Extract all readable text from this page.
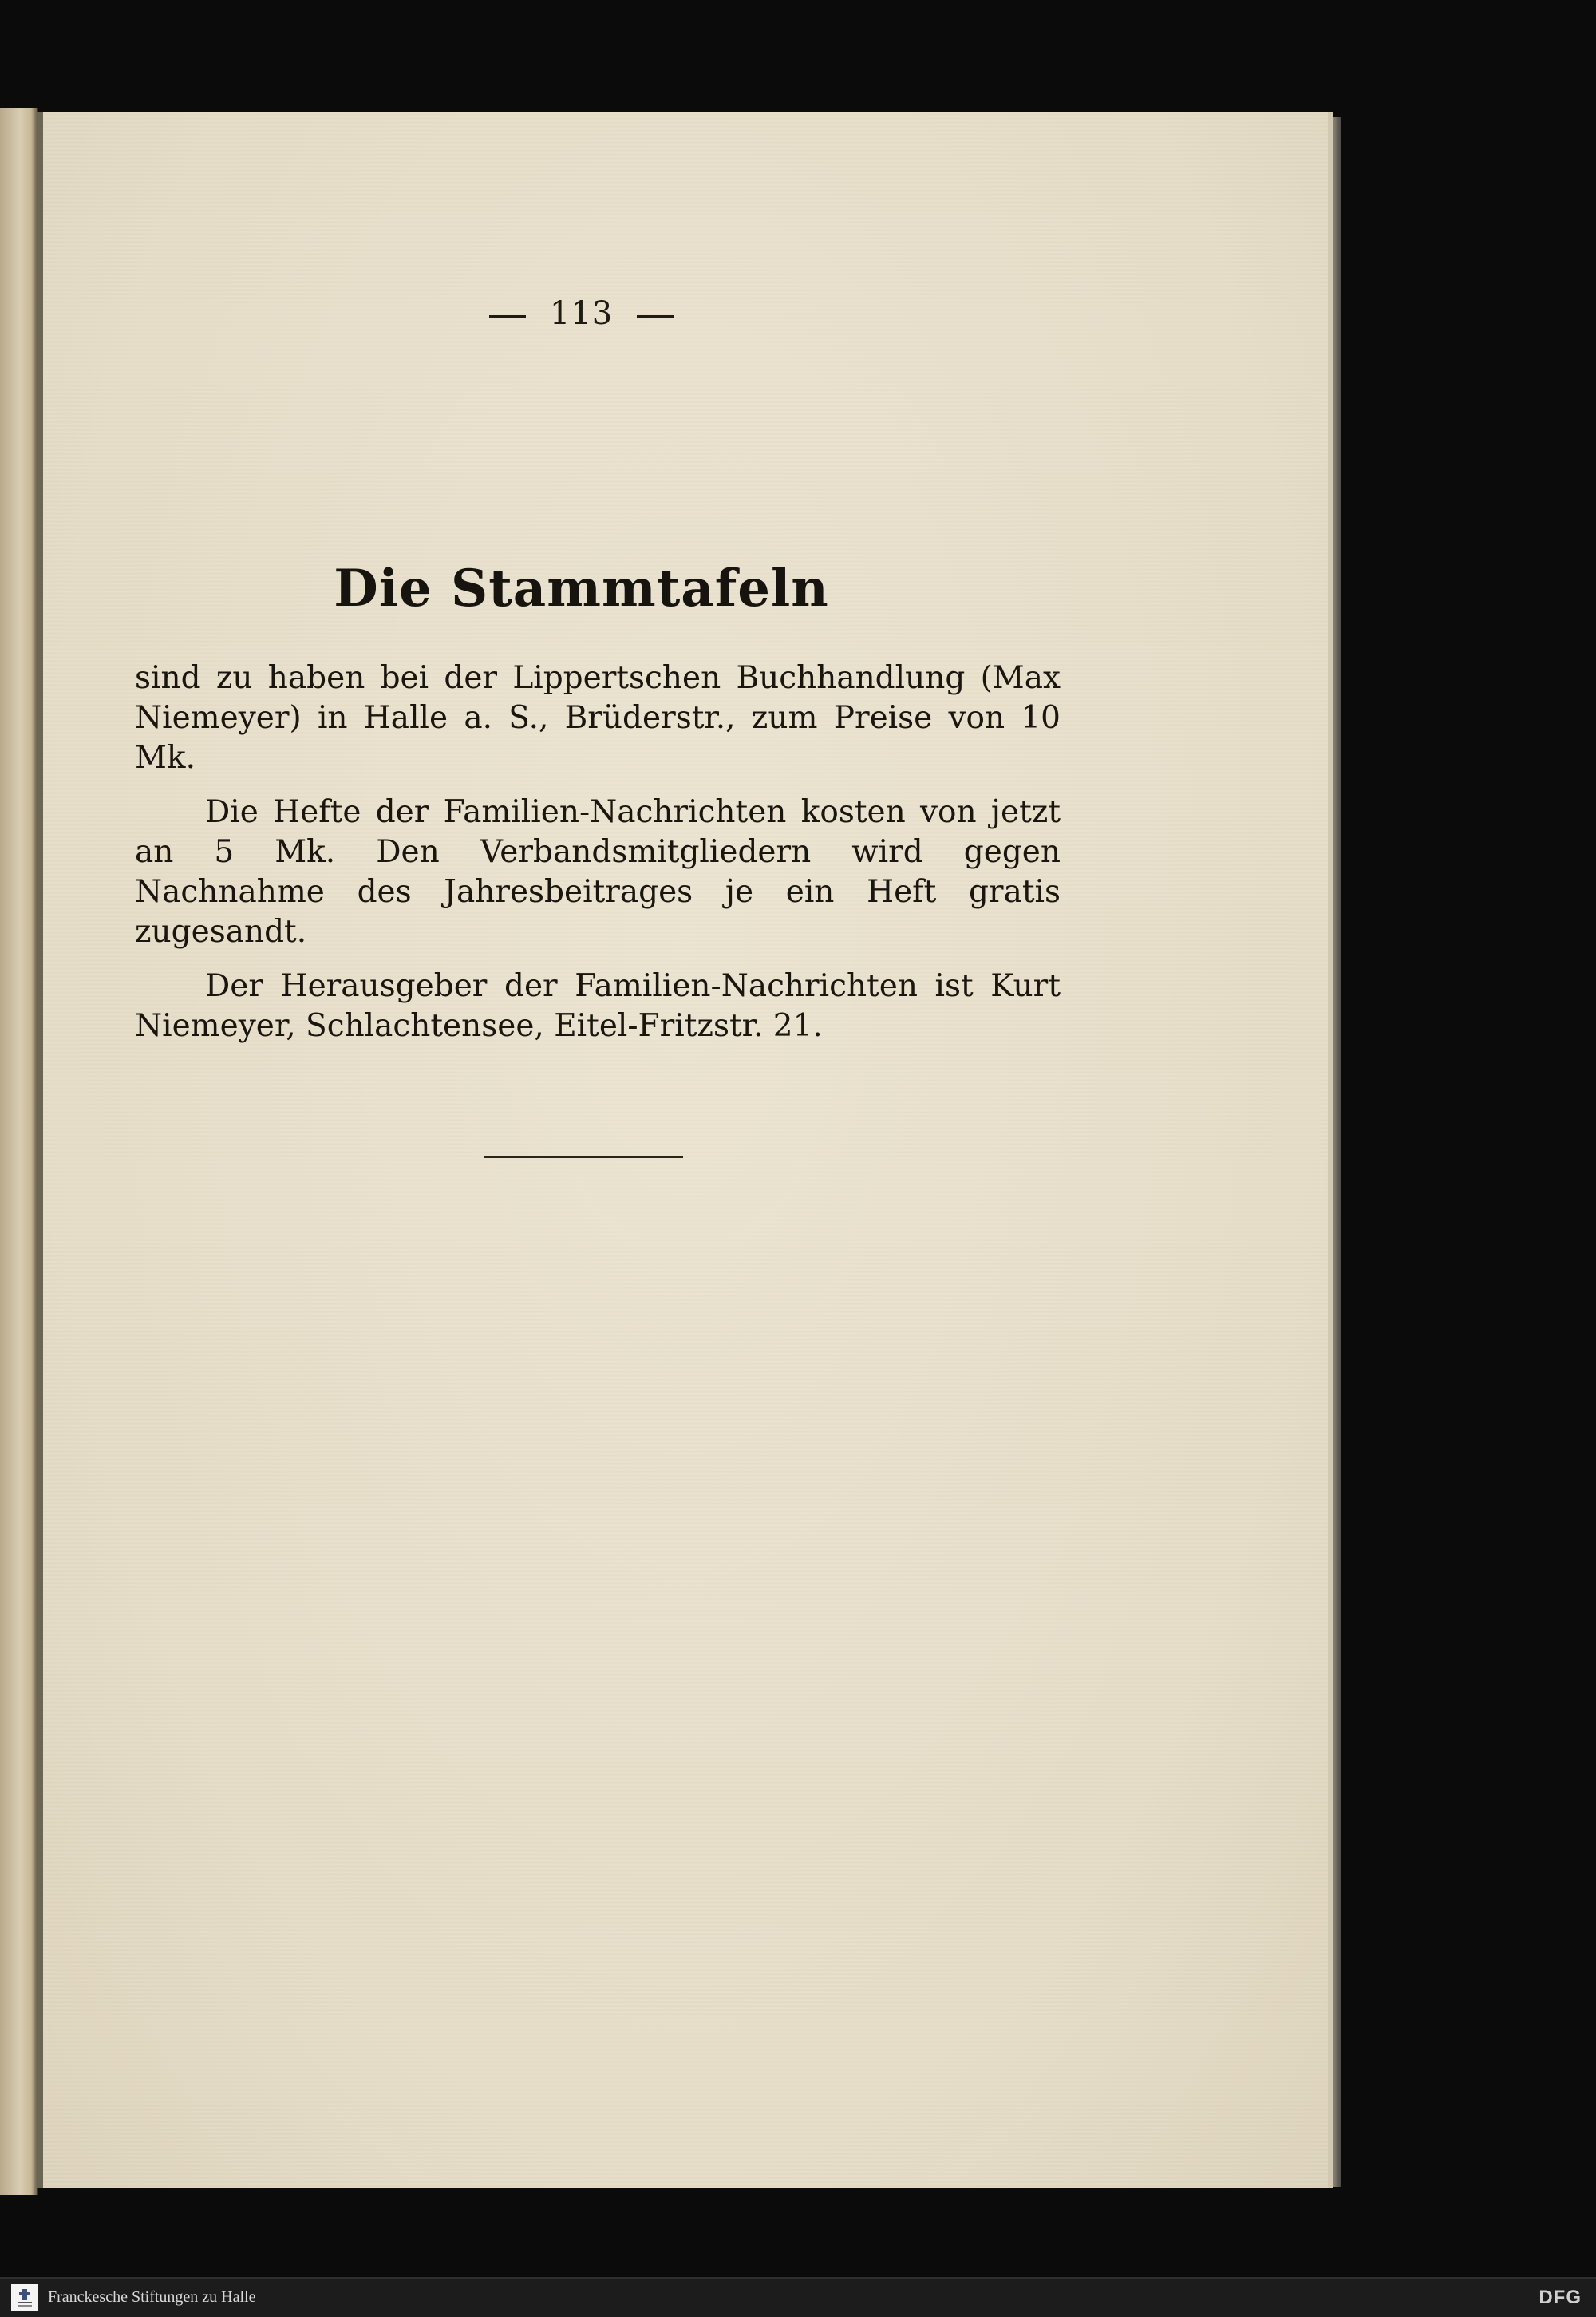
113
Die Stammtafeln

sind zu haben bei der Lippertschen Buchhandlung (Max Niemeyer) in Halle a. S., Brüderstr., zum Preise von 10 Mk.

Die Hefte der Familien-Nachrichten kosten von jetzt an 5 Mk. Den Verbandsmitgliedern wird gegen Nachnahme des Jahresbeitrages je ein Heft gratis zugesandt.

Der Herausgeber der Familien-Nachrichten ist Kurt Niemeyer, Schlachtensee, Eitel-Fritzstr. 21.

Franckesche Stiftungen zu Halle	DFG
